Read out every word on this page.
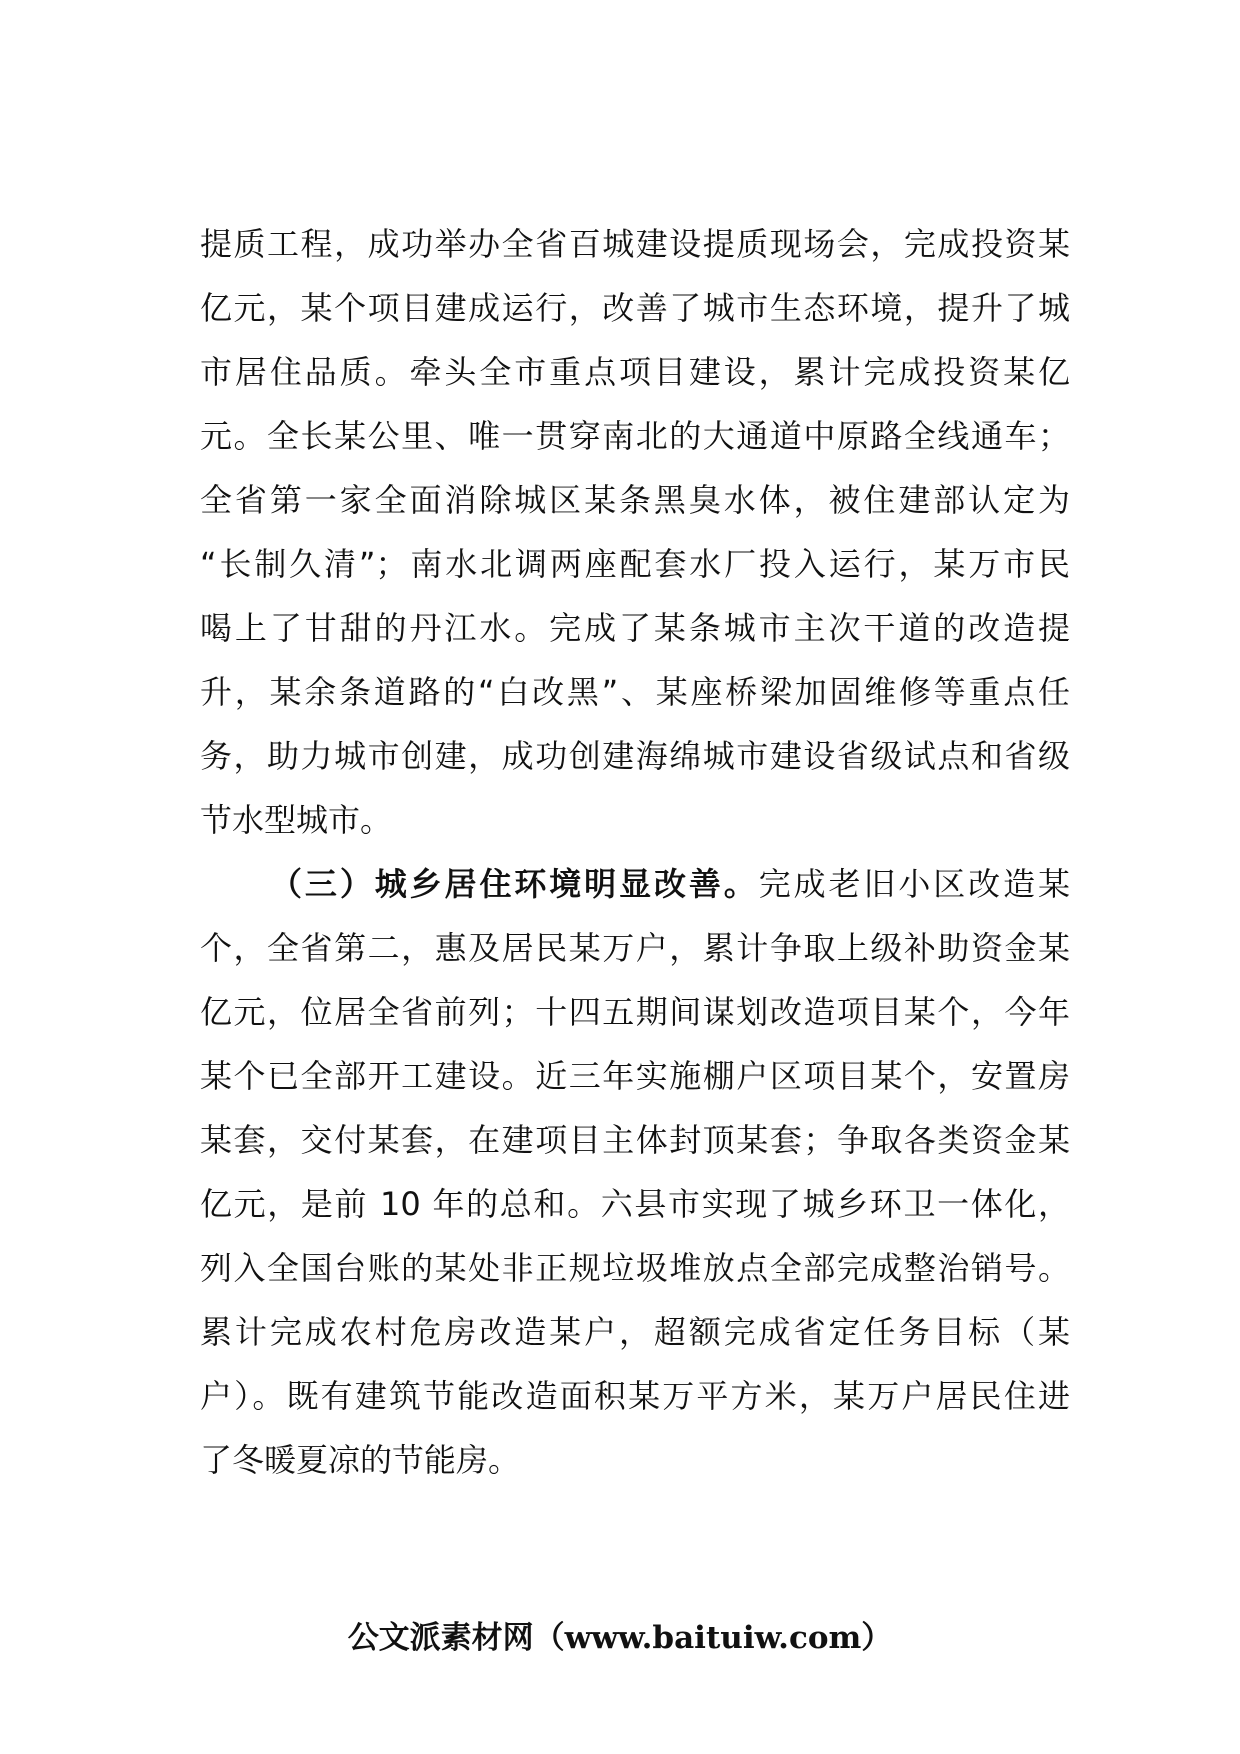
提质工程，成功举办全省百城建设提质现场会，完成投资某
亿元，某个项目建成运行，改善了城市生态环境，提升了城
市居住品质。牵头全市重点项目建设，累计完成投资某亿
元。全长某公里、唯一贯穿南北的大通道中原路全线通车；
全省第一家全面消除城区某条黑臭水体，被住建部认定为
“长制久清”；南水北调两座配套水厂投入运行，某万市民
喝上了甘甜的丹江水。完成了某条城市主次干道的改造提
升，某余条道路的“白改黑”、某座桥梁加固维修等重点任
务，助力城市创建，成功创建海绵城市建设省级试点和省级
节水型城市。
（三）城乡居住环境明显改善。完成老旧小区改造某
个，全省第二，惠及居民某万户，累计争取上级补助资金某
亿元，位居全省前列；十四五期间谋划改造项目某个，今年
某个已全部开工建设。近三年实施棚户区项目某个，安置房
某套，交付某套，在建项目主体封顶某套；争取各类资金某
亿元，是前 10 年的总和。六县市实现了城乡环卫一体化，
列入全国台账的某处非正规垃圾堆放点全部完成整治销号。
累计完成农村危房改造某户，超额完成省定任务目标（某
户）。既有建筑节能改造面积某万平方米，某万户居民住进
了冬暖夏凉的节能房。
公文派素材网（www.baituiw.com）
